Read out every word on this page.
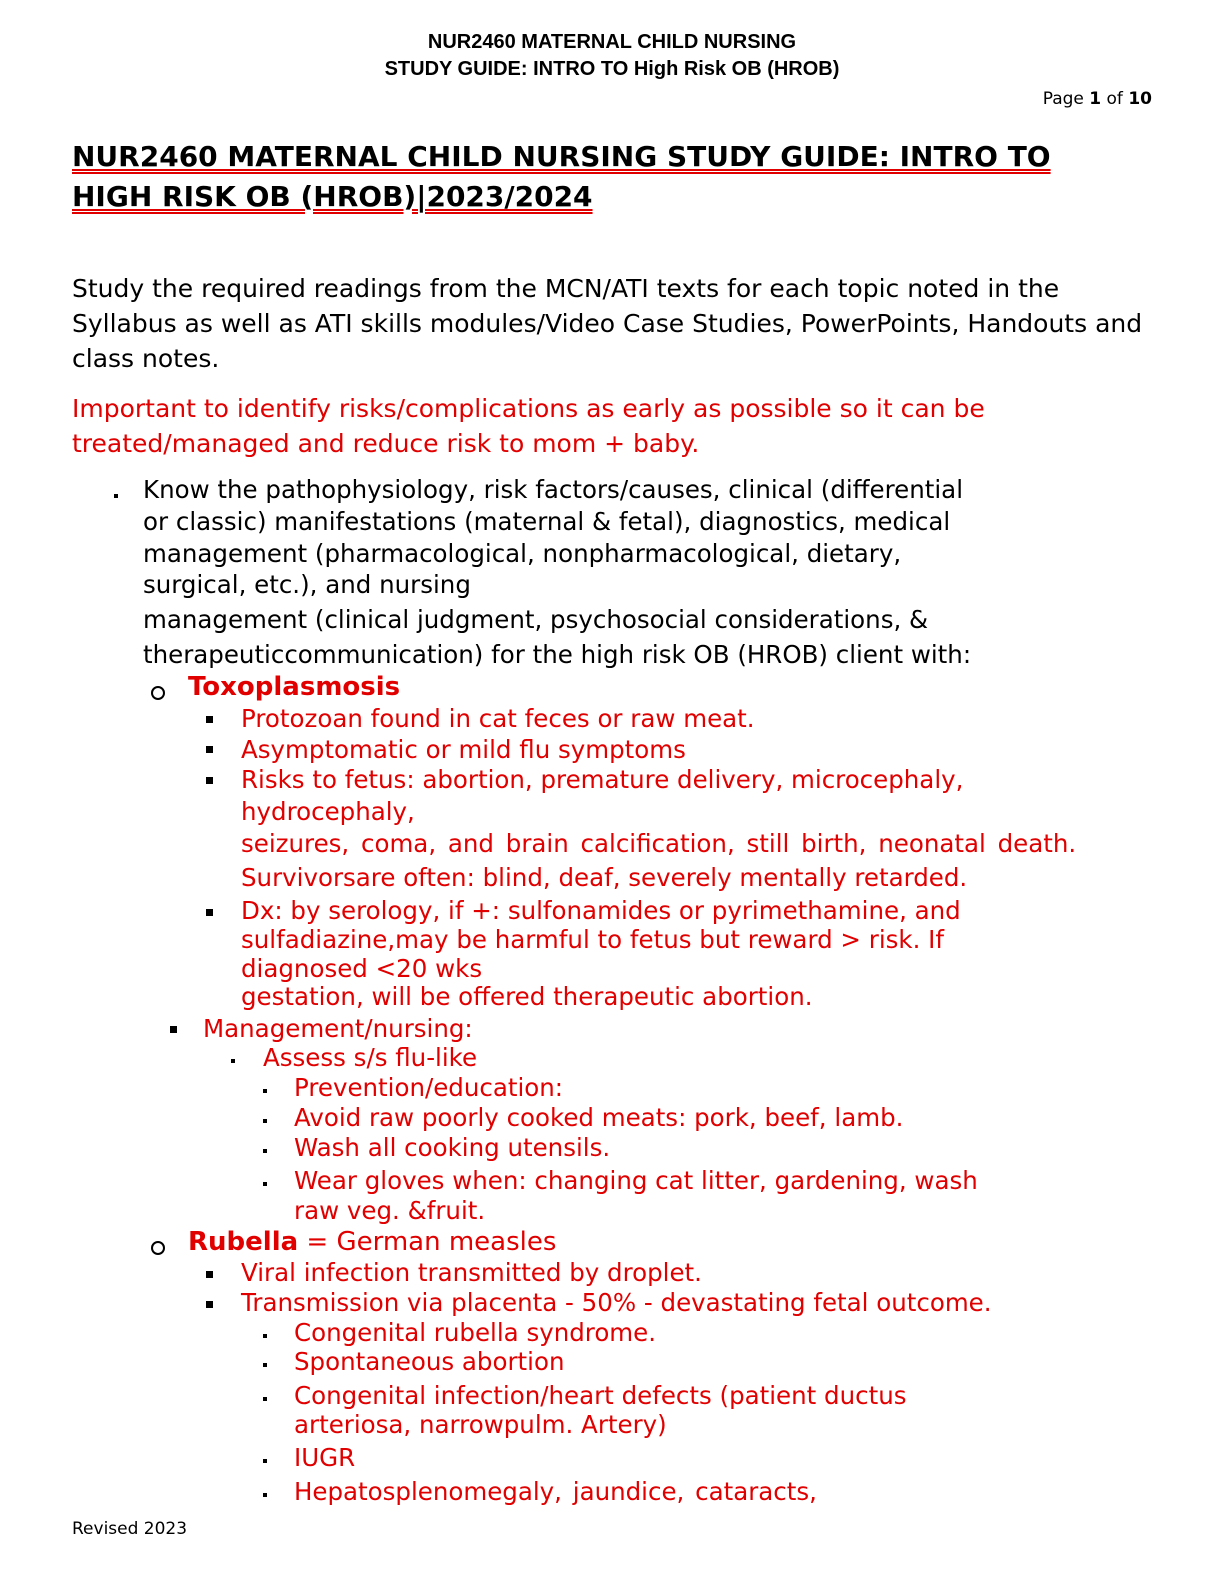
NUR2460 MATERNAL CHILD NURSING
STUDY GUIDE: INTRO TO High Risk OB (HROB)
Page 1 of 10
NUR2460 MATERNAL CHILD NURSING STUDY GUIDE: INTRO TO
HIGH RISK OB (HROB)|2023/2024
Study the required readings from the MCN/ATI texts for each topic noted in the Syllabus as well as ATI skills modules/Video Case Studies, PowerPoints, Handouts and class notes.
Important to identify risks/complications as early as possible so it can be treated/managed and reduce risk to mom + baby.
Know the pathophysiology, risk factors/causes, clinical (differential
or classic) manifestations (maternal & fetal), diagnostics, medical
management (pharmacological, nonpharmacological, dietary,
surgical, etc.), and nursing
management (clinical judgment, psychosocial considerations, &
therapeuticcommunication) for the high risk OB (HROB) client with:
Toxoplasmosis
Protozoan found in cat feces or raw meat.
Asymptomatic or mild flu symptoms
Risks to fetus: abortion, premature delivery, microcephaly,
hydrocephaly,
seizures, coma, and brain calcification, still birth, neonatal death.
Survivorsare often: blind, deaf, severely mentally retarded.
Dx: by serology, if +: sulfonamides or pyrimethamine, and
sulfadiazine,may be harmful to fetus but reward > risk. If
diagnosed <20 wks
gestation, will be offered therapeutic abortion.
Management/nursing:
Assess s/s flu-like
Prevention/education:
Avoid raw poorly cooked meats: pork, beef, lamb.
Wash all cooking utensils.
Wear gloves when: changing cat litter, gardening, wash
raw veg. &fruit.
Rubella = German measles
Viral infection transmitted by droplet.
Transmission via placenta - 50% - devastating fetal outcome.
Congenital rubella syndrome.
Spontaneous abortion
Congenital infection/heart defects (patient ductus
arteriosa, narrowpulm. Artery)
IUGR
Hepatosplenomegaly, jaundice, cataracts,
Revised 2023
